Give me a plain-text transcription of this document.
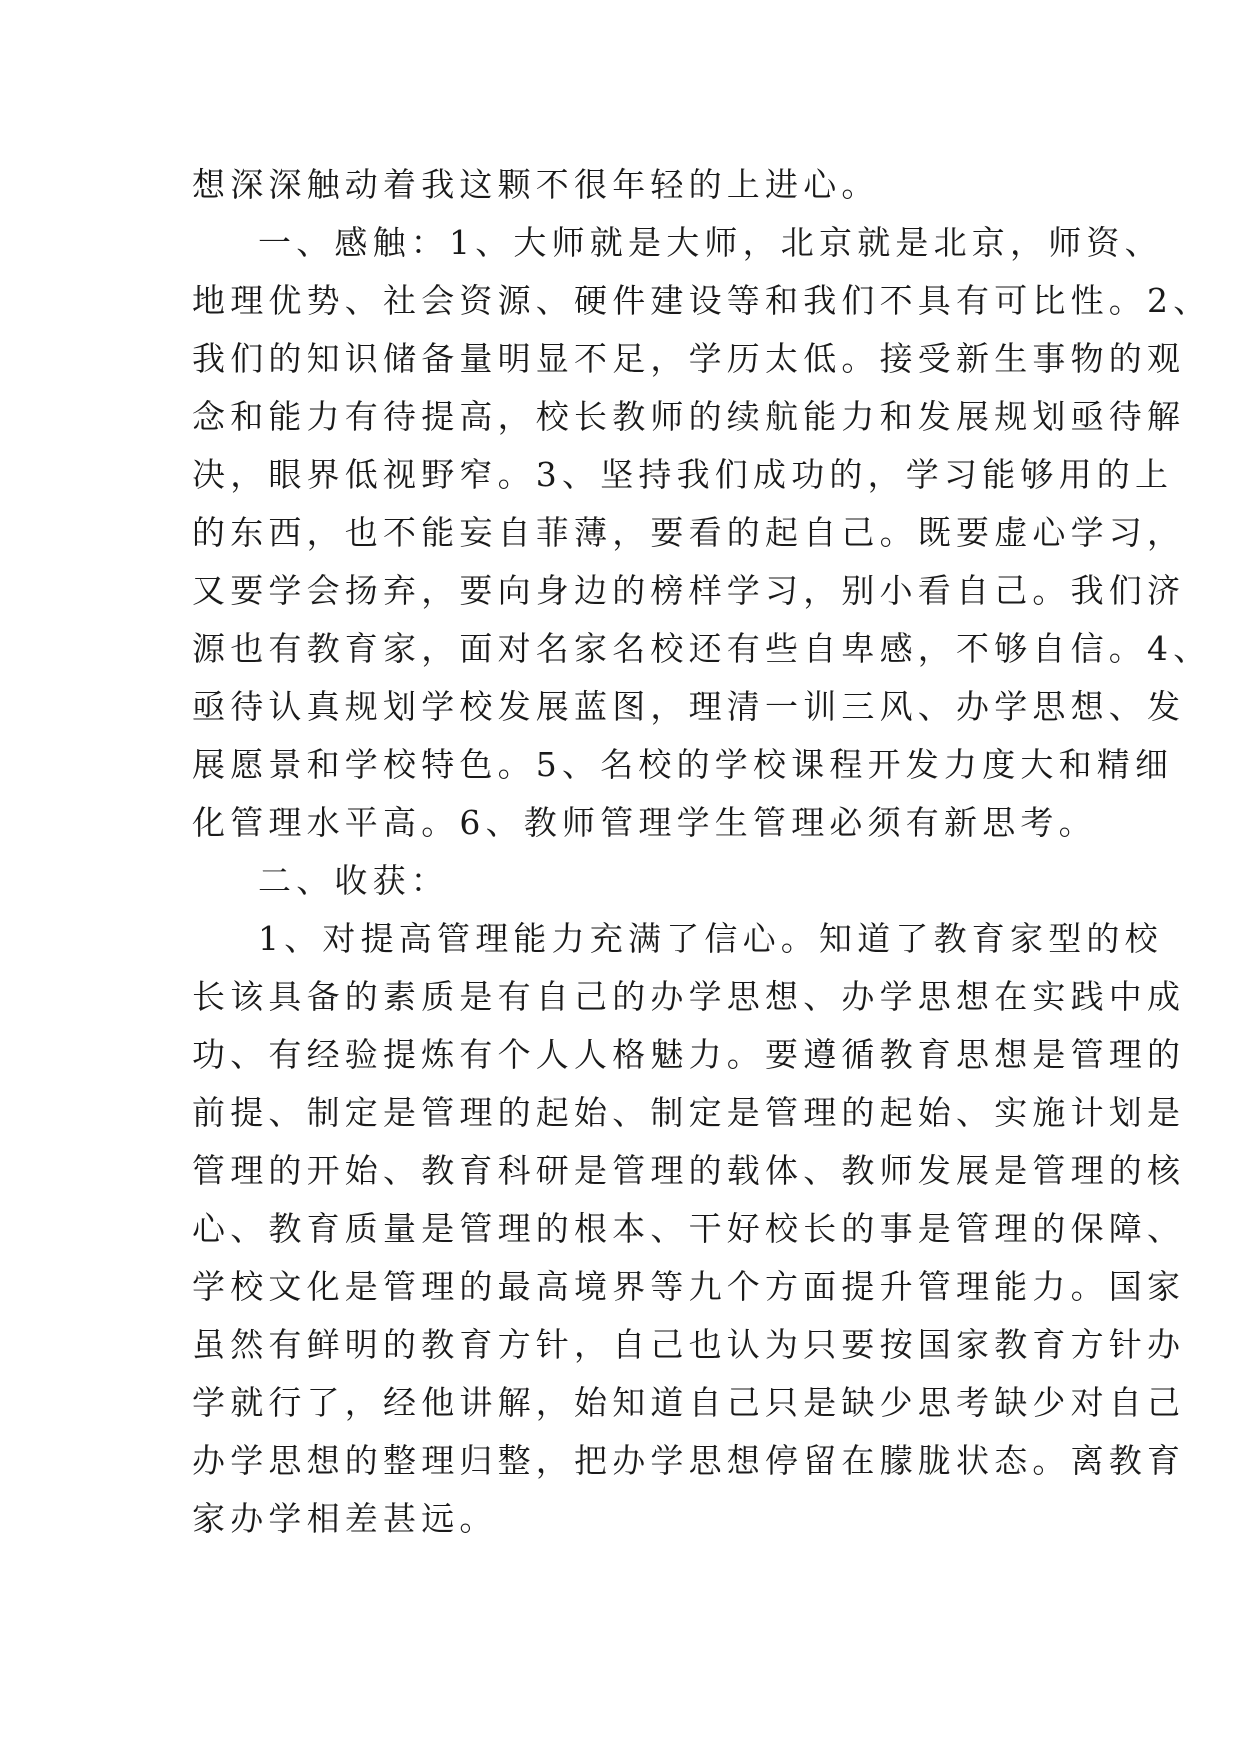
想深深触动着我这颗不很年轻的上进心。
一、感触：1、大师就是大师，北京就是北京，师资、
地理优势、社会资源、硬件建设等和我们不具有可比性。2、
我们的知识储备量明显不足，学历太低。接受新生事物的观
念和能力有待提高，校长教师的续航能力和发展规划亟待解
决，眼界低视野窄。3、坚持我们成功的，学习能够用的上
的东西，也不能妄自菲薄，要看的起自己。既要虚心学习，
又要学会扬弃，要向身边的榜样学习，别小看自己。我们济
源也有教育家，面对名家名校还有些自卑感，不够自信。4、
亟待认真规划学校发展蓝图，理清一训三风、办学思想、发
展愿景和学校特色。5、名校的学校课程开发力度大和精细
化管理水平高。6、教师管理学生管理必须有新思考。
二、收获：
1、对提高管理能力充满了信心。知道了教育家型的校
长该具备的素质是有自己的办学思想、办学思想在实践中成
功、有经验提炼有个人人格魅力。要遵循教育思想是管理的
前提、制定是管理的起始、制定是管理的起始、实施计划是
管理的开始、教育科研是管理的载体、教师发展是管理的核
心、教育质量是管理的根本、干好校长的事是管理的保障、
学校文化是管理的最高境界等九个方面提升管理能力。国家
虽然有鲜明的教育方针，自己也认为只要按国家教育方针办
学就行了，经他讲解，始知道自己只是缺少思考缺少对自己
办学思想的整理归整，把办学思想停留在朦胧状态。离教育
家办学相差甚远。
